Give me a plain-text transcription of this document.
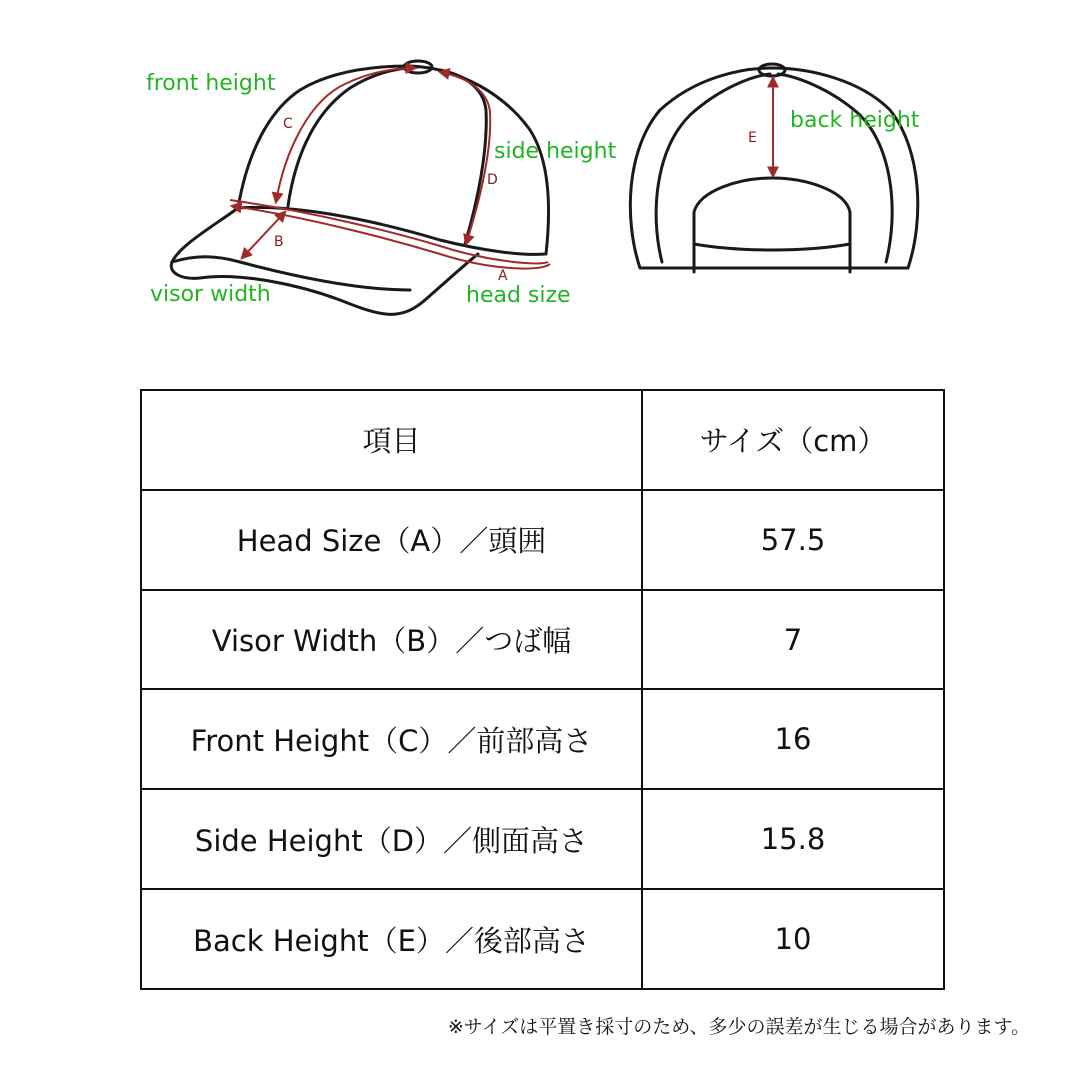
C
D
B
A
front height
side height
visor width	head size
E
back height
項目	サイズ（cm）
Head Size（A）／頭囲	57.5
Visor Width（B）／つば幅	7
Front Height（C）／前部高さ	16
Side Height（D）／側面高さ	15.8
Back Height（E）／後部高さ	10
※サイズは平置き採寸のため、多少の誤差が生じる場合があります。
